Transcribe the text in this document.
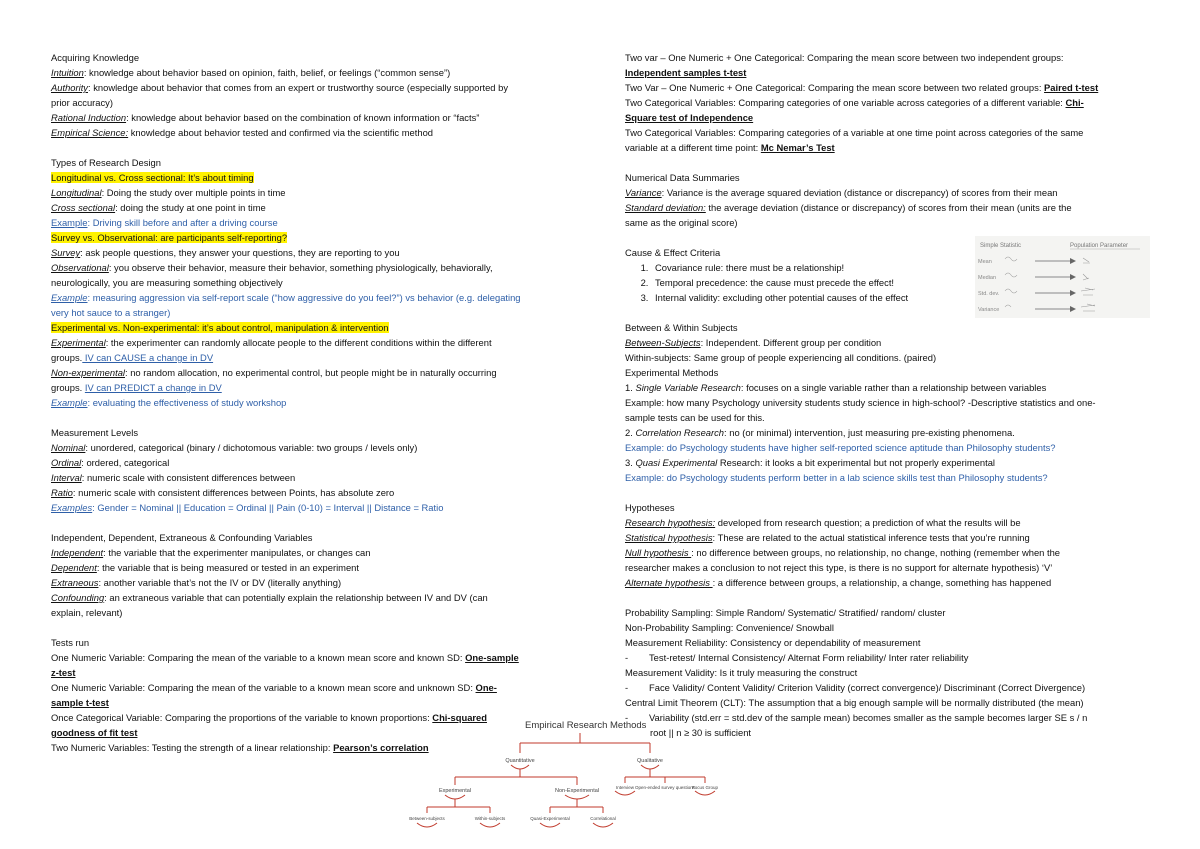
Acquiring Knowledge
Intuition: knowledge about behavior based on opinion, faith, belief, or feelings (“common sense”)
Authority: knowledge about behavior that comes from an expert or trustworthy source (especially supported by
prior accuracy)
Rational Induction: knowledge about behavior based on the combination of known information or “facts”
Empirical Science: knowledge about behavior tested and confirmed via the scientific method
Types of Research Design
Longitudinal vs. Cross sectional: It’s about timing
Longitudinal: Doing the study over multiple points in time
Cross sectional: doing the study at one point in time
Example: Driving skill before and after a driving course
Survey vs. Observational: are participants self-reporting?
Survey: ask people questions, they answer your questions, they are reporting to you
Observational: you observe their behavior, measure their behavior, something physiologically, behaviorally,
neurologically, you are measuring something objectively
Example: measuring aggression via self-report scale (“how aggressive do you feel?”) vs behavior (e.g. delegating
very hot sauce to a stranger)
Experimental vs. Non-experimental: it’s about control, manipulation & intervention
Experimental: the experimenter can randomly allocate people to the different conditions within the different
groups. IV can CAUSE a change in DV
Non-experimental: no random allocation, no experimental control, but people might be in naturally occurring
groups. IV can PREDICT a change in DV
Example: evaluating the effectiveness of study workshop
Measurement Levels
Nominal: unordered, categorical (binary / dichotomous variable: two groups / levels only)
Ordinal: ordered, categorical
Interval: numeric scale with consistent differences between
Ratio: numeric scale with consistent differences between Points, has absolute zero
Examples: Gender = Nominal || Education = Ordinal || Pain (0-10) = Interval || Distance = Ratio
Independent, Dependent, Extraneous & Confounding Variables
Independent: the variable that the experimenter manipulates, or changes can
Dependent: the variable that is being measured or tested in an experiment
Extraneous: another variable that’s not the IV or DV (literally anything)
Confounding: an extraneous variable that can potentially explain the relationship between IV and DV (can
explain, relevant)
Tests run
One Numeric Variable: Comparing the mean of the variable to a known mean score and known SD: One-sample
z-test
One Numeric Variable: Comparing the mean of the variable to a known mean score and unknown SD: One-
sample t-test
Once Categorical Variable: Comparing the proportions of the variable to known proportions: Chi-squared
goodness of fit test
Two Numeric Variables: Testing the strength of a linear relationship: Pearson’s correlation
Two var – One Numeric + One Categorical: Comparing the mean score between two independent groups:
Independent samples t-test
Two Var – One Numeric + One Categorical: Comparing the mean score between two related groups: Paired t-test
Two Categorical Variables: Comparing categories of one variable across categories of a different variable: Chi-
Square test of Independence
Two Categorical Variables: Comparing categories of a variable at one time point across categories of the same
variable at a different time point: Mc Nemar’s Test
Numerical Data Summaries
Variance: Variance is the average squared deviation (distance or discrepancy) of scores from their mean
Standard deviation: the average deviation (distance or discrepancy) of scores from their mean (units are the
same as the original score)
Cause & Effect Criteria
1. Covariance rule: there must be a relationship!
2. Temporal precedence: the cause must precede the effect!
3. Internal validity: excluding other potential causes of the effect
Between & Within Subjects
Between-Subjects: Independent. Different group per condition
Within-subjects: Same group of people experiencing all conditions. (paired)
Experimental Methods
1. Single Variable Research: focuses on a single variable rather than a relationship between variables
Example: how many Psychology university students study science in high-school? -Descriptive statistics and one-
sample tests can be used for this.
2. Correlation Research: no (or minimal) intervention, just measuring pre-existing phenomena.
Example: do Psychology students have higher self-reported science aptitude than Philosophy students?
3. Quasi Experimental Research: it looks a bit experimental but not properly experimental
Example: do Psychology students perform better in a lab science skills test than Philosophy students?
Hypotheses
Research hypothesis: developed from research question; a prediction of what the results will be
Statistical hypothesis: These are related to the actual statistical inference tests that you’re running
Null hypothesis : no difference between groups, no relationship, no change, nothing (remember when the
researcher makes a conclusion to not reject this type, is there is no support for alternate hypothesis) ‘V’
Alternate hypothesis : a difference between groups, a relationship, a change, something has happened
Probability Sampling: Simple Random/ Systematic/ Stratified/ random/ cluster
Non-Probability Sampling: Convenience/ Snowball
Measurement Reliability: Consistency or dependability of measurement
- Test-retest/ Internal Consistency/ Alternat Form reliability/ Inter rater reliability
Measurement Validity: Is it truly measuring the construct
- Face Validity/ Content Validity/ Criterion Validity (correct convergence)/ Discriminant (Correct Divergence)
Central Limit Theorem (CLT): The assumption that a big enough sample will be normally distributed (the mean)
- Variability (std.err = std.dev of the sample mean) becomes smaller as the sample becomes larger SE s / n
root || n ≥ 30 is sufficient
Simple Statistic	Population Parameter
Mean
Median
Std. dev.
Variance
Empirical Research Methods
Quantitative	Qualitative
Experimental	Non-Experimental
Interview Open-ended survey questions
Focus Group
Between-subjects	Within-subjects	Quasi-Experimental	Correlational
